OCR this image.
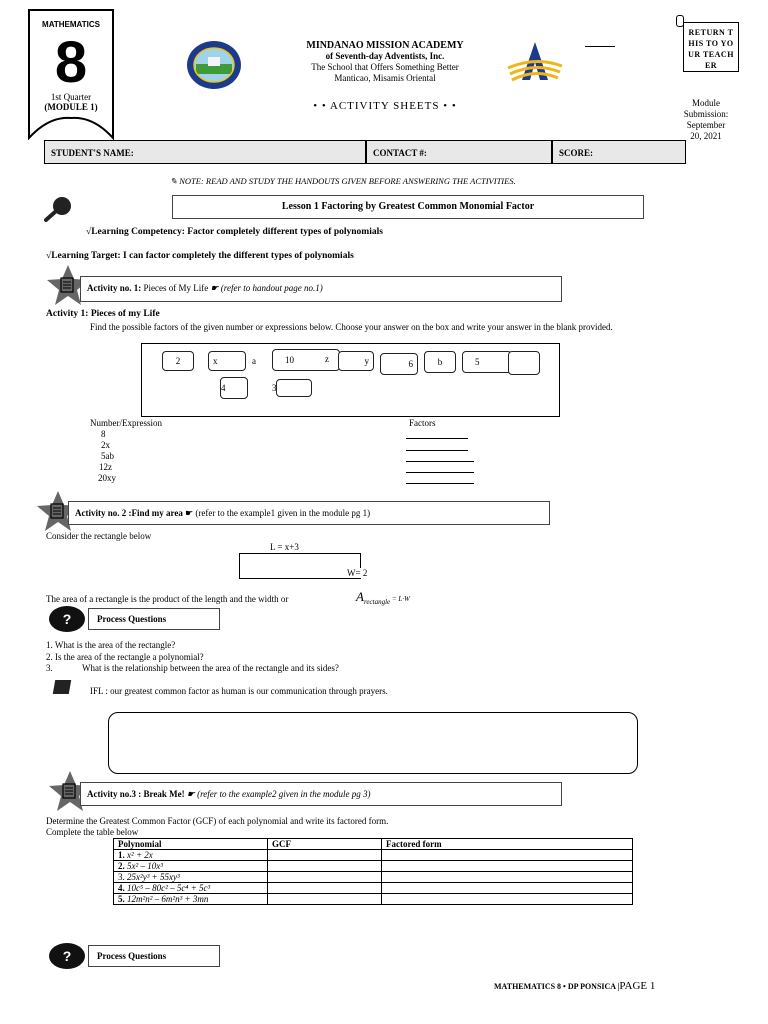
MATHEMATICS
8
1st Quarter
(MODULE 1)
MINDANAO MISSION ACADEMY
of Seventh-day Adventists, Inc.
The School that Offers Something Better
Manticao, Misamis Oriental
• • ACTIVITY SHEETS • •
RETURN THIS TO YOUR TEACHER
Module Submission: September 20, 2021
STUDENT'S NAME:	CONTACT #:	SCORE:
✎ NOTE: READ AND STUDY THE HANDOUTS GIVEN BEFORE ANSWERING THE ACTIVITIES.
Lesson 1 Factoring by Greatest Common Monomial Factor
√Learning Competency: Factor completely different types of polynomials
√Learning Target: I can factor completely the different types of polynomials
Activity no. 1: Pieces of My Life ☛ (refer to handout page no.1)
Activity 1: Pieces of my Life
Find the possible factors of the given number or expressions below. Choose your answer on the box and write your answer in the blank provided.
2	x	a	10	z	y	6	b	5
4	3
Number/Expression	Factors
8
2x
5ab
12z
20xy
Activity no. 2 :Find my area ☛ (refer to the example1 given in the module pg 1)
Consider the rectangle below
L = x+3
W= 2
The area of a rectangle is the product of the length and the width or	$A_{rectangle} = L\cdot W$
?	Process Questions
1. What is the area of the rectangle?
2. Is the area of the rectangle a polynomial?
3.	What is the relationship between the area of the rectangle and its sides?
IFL : our greatest common factor as human is our communication through prayers.
Activity no.3 : Break Me! ☛ (refer to the example2 given in the module pg 3)
Determine the Greatest Common Factor (GCF) of each polynomial and write its factored form.
Complete the table below
Polynomial	GCF	Factored form
1. x² + 2x		
2. 5x² – 10x³		
3. 25x²y³ + 55xy³		
4. 10c⁵ – 80c² – 5c⁴ + 5c³		
5. 12m²n² – 6m²n³ + 3mn		
?	Process Questions
MATHEMATICS 8 • DP PONSICA |PAGE 1
